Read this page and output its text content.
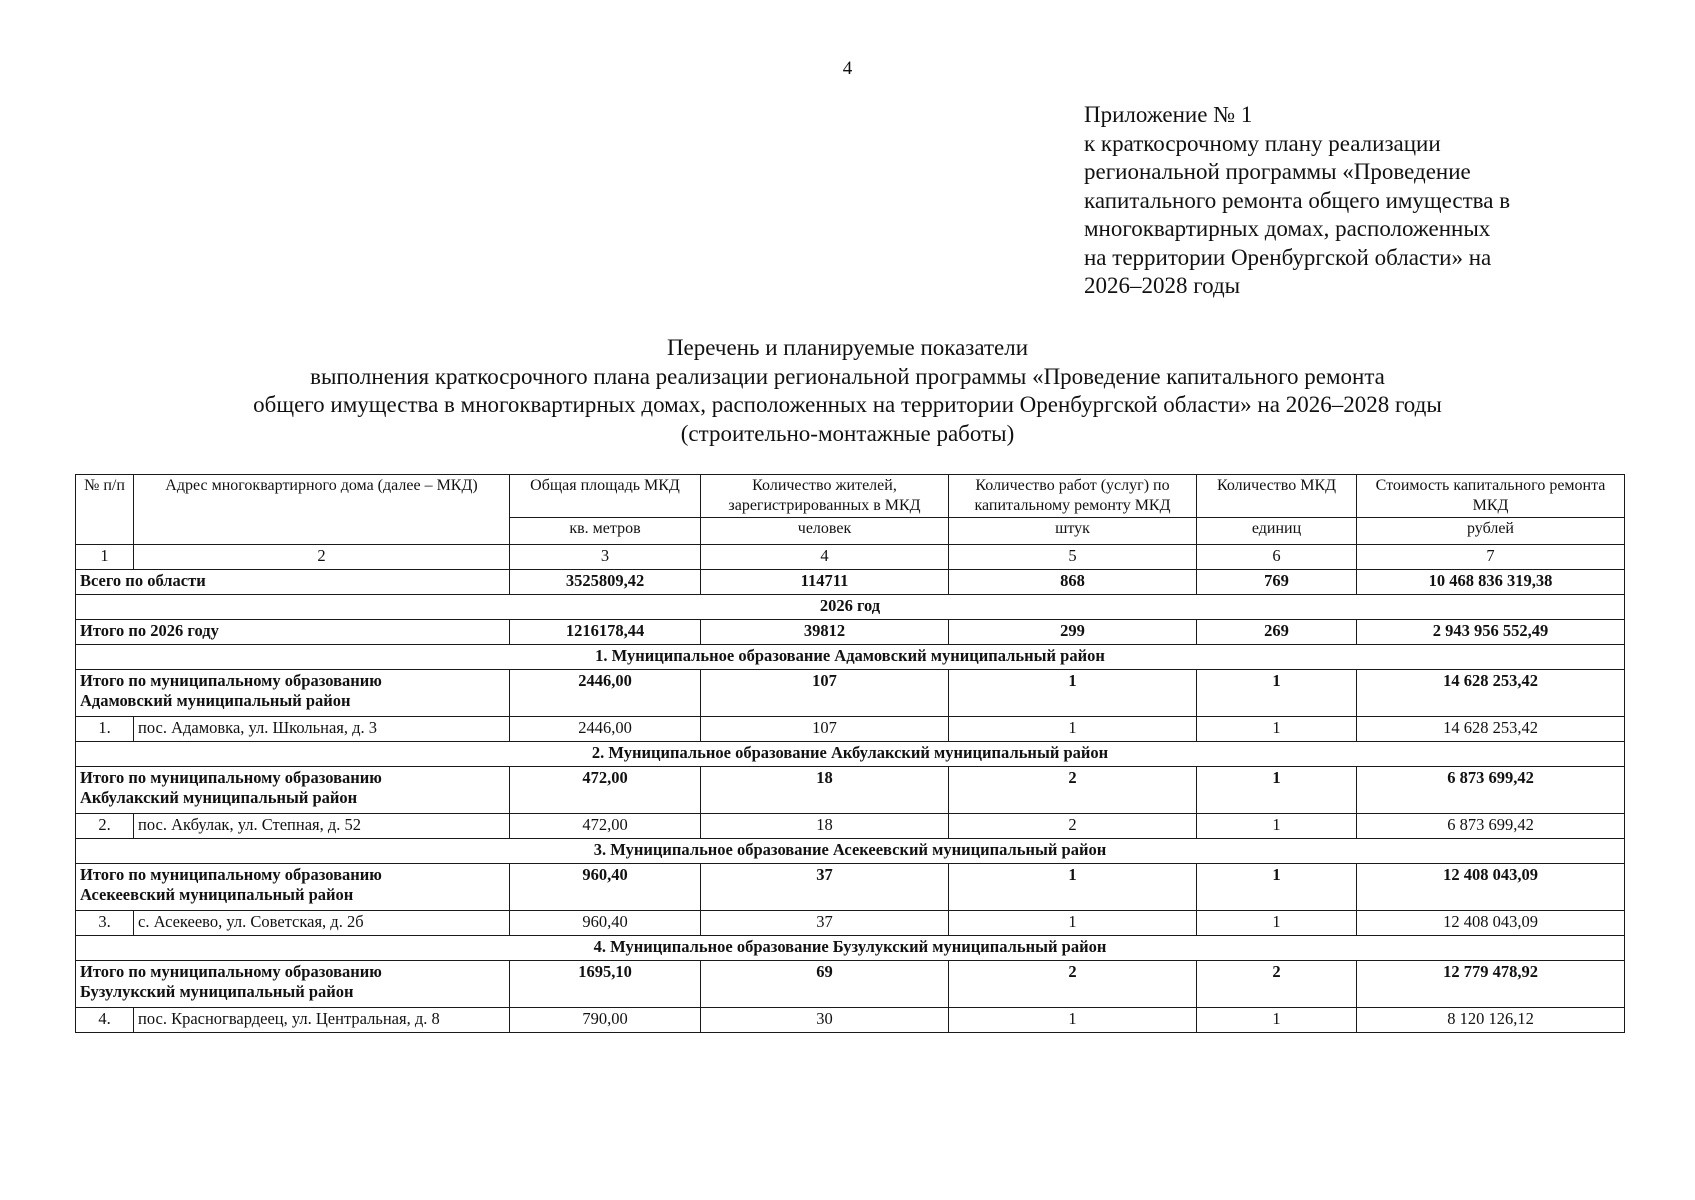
4
Приложение № 1
к краткосрочному плану реализации
региональной программы «Проведение
капитального ремонта общего имущества в
многоквартирных домах, расположенных
на территории Оренбургской области» на
2026–2028 годы
Перечень и планируемые показатели
выполнения краткосрочного плана реализации региональной программы «Проведение капитального ремонта
общего имущества в многоквартирных домах, расположенных на территории Оренбургской области» на 2026–2028 годы
(строительно-монтажные работы)
№ п/п	Адрес многоквартирного дома (далее – МКД)	Общая площадь МКД	Количество жителей, зарегистрированных в МКД	Количество работ (услуг) по капитальному ремонту МКД	Количество МКД	Стоимость капитального ремонта МКД
		кв. метров	человек	штук	единиц	рублей
1	2	3	4	5	6	7
Всего по области		3525809,42	114711	868	769	10 468 836 319,38
2026 год						
Итого по 2026 году		1216178,44	39812	299	269	2 943 956 552,49
1. Муниципальное образование Адамовский муниципальный район						
Итого по муниципальному образованию
Адамовский муниципальный район		2446,00	107	1	1	14 628 253,42
1.	пос. Адамовка, ул. Школьная, д. 3	2446,00	107	1	1	14 628 253,42
2. Муниципальное образование Акбулакский муниципальный район						
Итого по муниципальному образованию
Акбулакский муниципальный район		472,00	18	2	1	6 873 699,42
2.	пос. Акбулак, ул. Степная, д. 52	472,00	18	2	1	6 873 699,42
3. Муниципальное образование Асекеевский муниципальный район						
Итого по муниципальному образованию
Асекеевский муниципальный район		960,40	37	1	1	12 408 043,09
3.	с. Асекеево, ул. Советская, д. 2б	960,40	37	1	1	12 408 043,09
4. Муниципальное образование Бузулукский муниципальный район						
Итого по муниципальному образованию
Бузулукский муниципальный район		1695,10	69	2	2	12 779 478,92
4.	пос. Красногвардеец, ул. Центральная, д. 8	790,00	30	1	1	8 120 126,12
